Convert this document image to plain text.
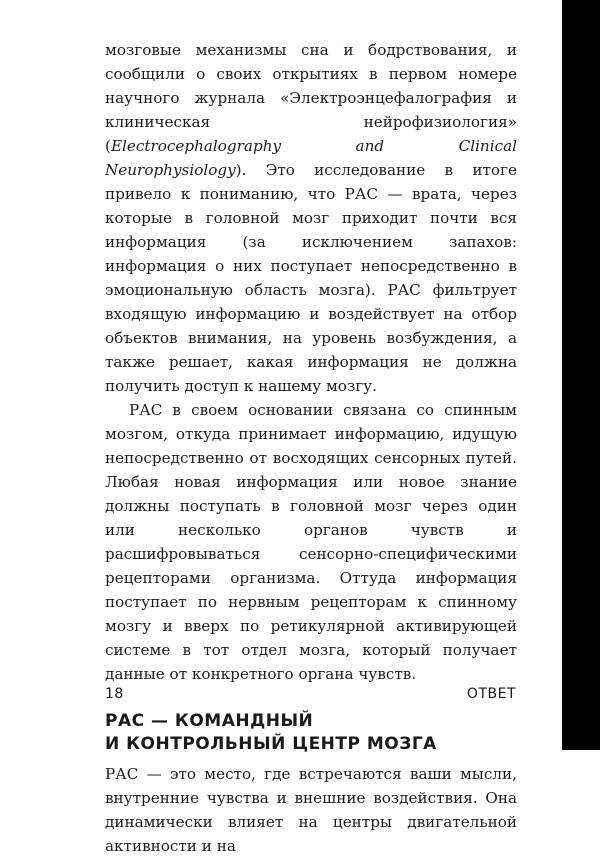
мозговые механизмы сна и бодрствования, и сообщили о своих открытиях в первом номере научного журнала «Электроэнцефалография и клиническая нейрофизиология» (Electrocephalography and Clinical Neurophysiology). Это исследование в итоге привело к пониманию, что РАС — врата, через которые в головной мозг приходит почти вся информация (за исключением запахов: информация о них поступает непосредственно в эмоциональную область мозга). РАС фильтрует входящую информацию и воздействует на отбор объектов внимания, на уровень возбуждения, а также решает, какая информация не должна получить доступ к нашему мозгу.

РАС в своем основании связана со спинным мозгом, откуда принимает информацию, идущую непосредственно от восходящих сенсорных путей. Любая новая информация или новое знание должны поступать в головной мозг через один или несколько органов чувств и расшифровываться сенсорно-специфическими рецепторами организма. Оттуда информация поступает по нервным рецепторам к спинному мозгу и вверх по ретикулярной активирующей системе в тот отдел мозга, который получает данные от конкретного органа чувств.

РАС — КОМАНДНЫЙ
И КОНТРОЛЬНЫЙ ЦЕНТР МОЗГА

РАС — это место, где встречаются ваши мысли, внутренние чувства и внешние воздействия. Она динамически влияет на центры двигательной активности и на

18	ОТВЕТ
